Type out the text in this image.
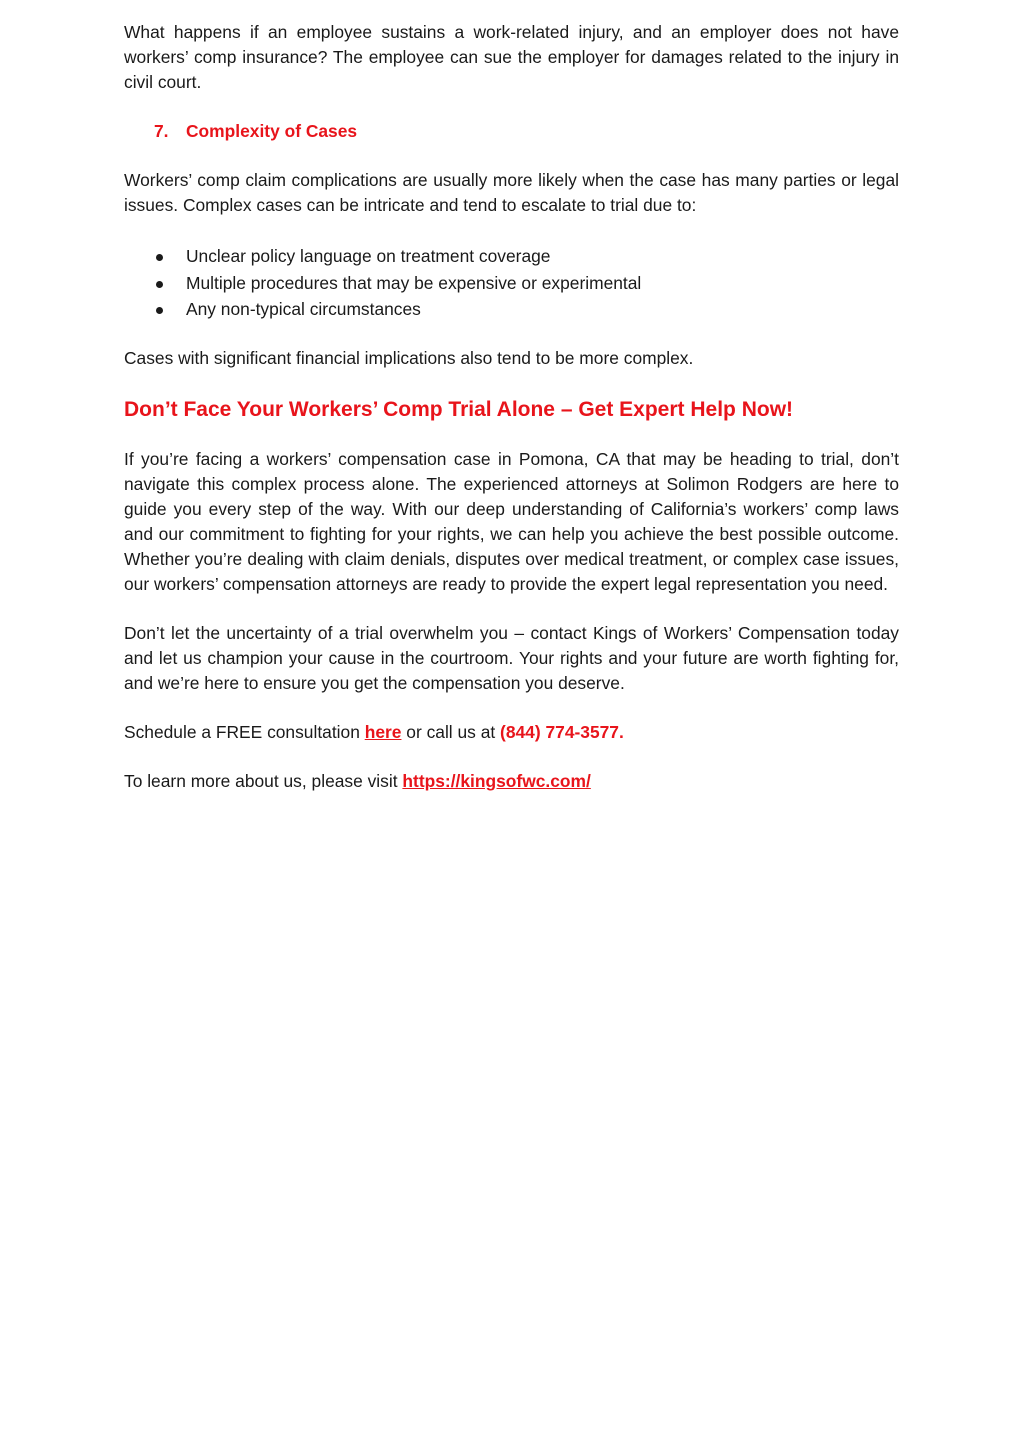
What happens if an employee sustains a work-related injury, and an employer does not have workers’ comp insurance? The employee can sue the employer for damages related to the injury in civil court.

7. Complexity of Cases

Workers’ comp claim complications are usually more likely when the case has many parties or legal issues. Complex cases can be intricate and tend to escalate to trial due to:

Unclear policy language on treatment coverage
Multiple procedures that may be expensive or experimental
Any non-typical circumstances

Cases with significant financial implications also tend to be more complex.

Don’t Face Your Workers’ Comp Trial Alone – Get Expert Help Now!

If you’re facing a workers’ compensation case in Pomona, CA that may be heading to trial, don’t navigate this complex process alone. The experienced attorneys at Solimon Rodgers are here to guide you every step of the way. With our deep understanding of California’s workers’ comp laws and our commitment to fighting for your rights, we can help you achieve the best possible outcome. Whether you’re dealing with claim denials, disputes over medical treatment, or complex case issues, our workers’ compensation attorneys are ready to provide the expert legal representation you need.

Don’t let the uncertainty of a trial overwhelm you – contact Kings of Workers’ Compensation today and let us champion your cause in the courtroom. Your rights and your future are worth fighting for, and we’re here to ensure you get the compensation you deserve.

Schedule a FREE consultation here or call us at (844) 774-3577.

To learn more about us, please visit https://kingsofwc.com/
